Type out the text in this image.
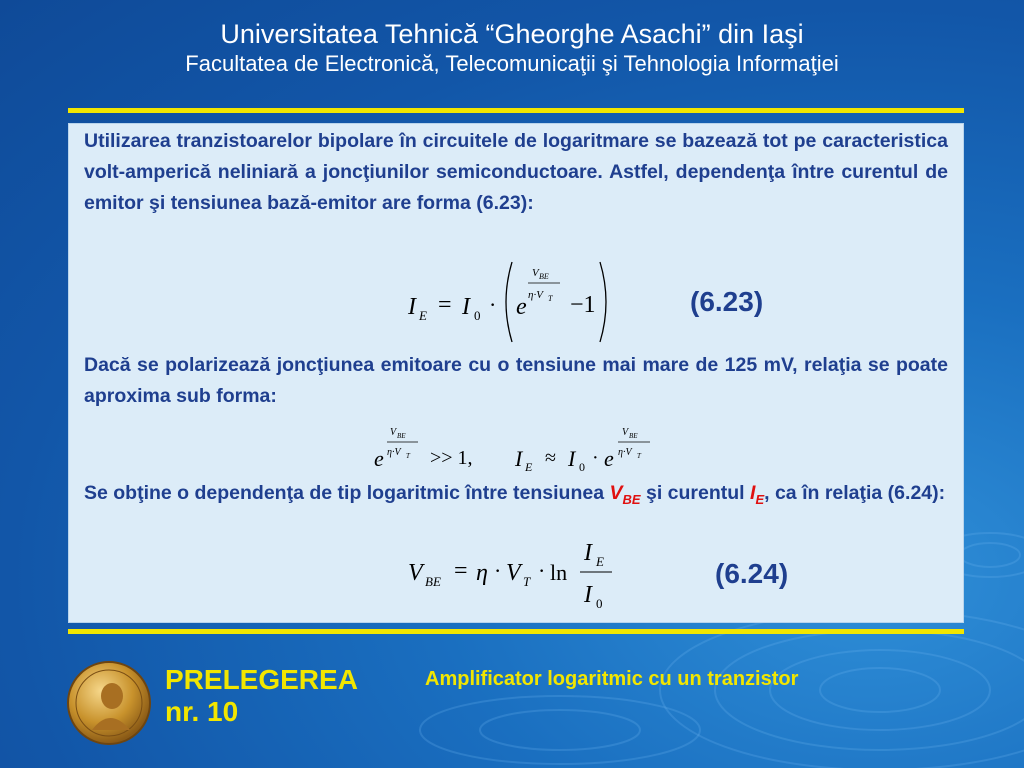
Universitatea Tehnică “Gheorghe Asachi” din Iaşi
Facultatea de Electronică, Telecomunicaţii şi Tehnologia Informaţiei
Utilizarea tranzistoarelor bipolare în circuitele de logaritmare se bazează tot pe caracteristica volt-amperică neliniară a joncţiunilor semiconductoare. Astfel, dependenţa între curentul de emitor şi tensiunea bază-emitor are forma (6.23):
I E = I 0 · e
V BE
η·V T −1	(6.23)
Dacă se polarizează joncţiunea emitoare cu o tensiune mai mare de 125 mV, relaţia se poate aproxima sub forma:
e
V BE
η·V T >> 1, I E ≈ I 0 · e
V BE
η·V T
Se obţine o dependenţa de tip logaritmic între tensiunea $V_{BE}$ şi curentul $I_E$, ca în relaţia (6.24):
V BE = η · V T · ln
I E
I 0
(6.24)
PRELEGEREA
nr. 10
Amplificator logaritmic cu un tranzistor
